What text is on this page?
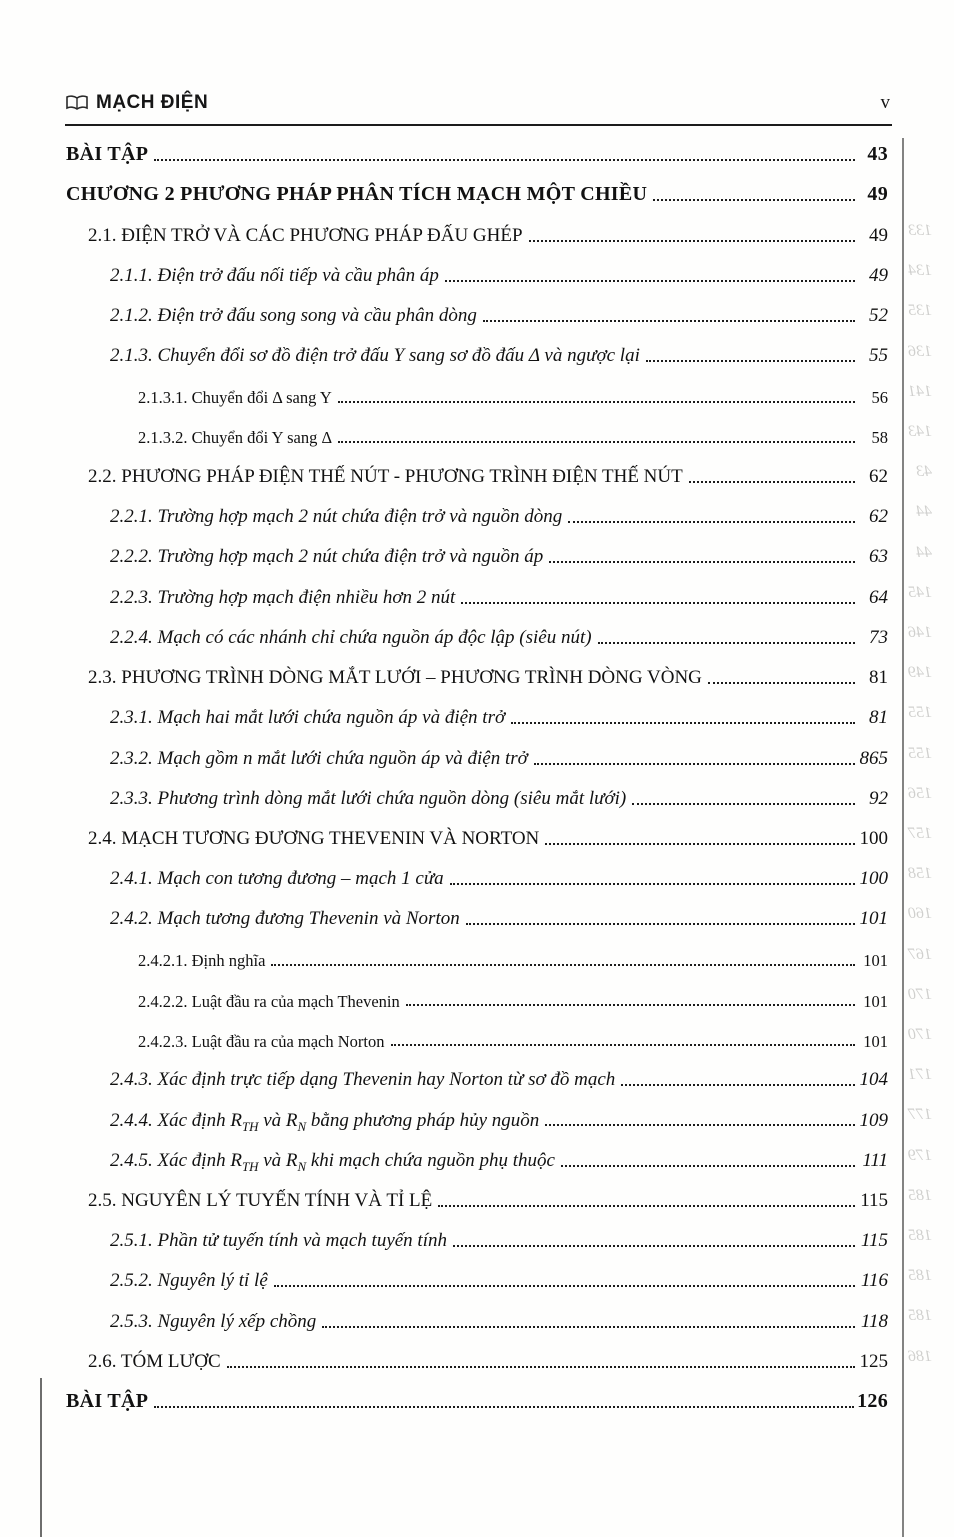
133
134
135
136
141
143
43
44
44
145
146
149
155
155
156
157
158
160
167
170
170
171
177
179
185
185
185
185
186
MẠCH ĐIỆN	v
BÀI TẬP	43
CHƯƠNG 2 PHƯƠNG PHÁP PHÂN TÍCH MẠCH MỘT CHIỀU	49
2.1. ĐIỆN TRỞ VÀ CÁC PHƯƠNG PHÁP ĐẤU GHÉP	49
2.1.1. Điện trở đấu nối tiếp và cầu phân áp	49
2.1.2. Điện trở đấu song song và cầu phân dòng	52
2.1.3. Chuyển đổi sơ đồ điện trở đấu Y sang sơ đồ đấu Δ và ngược lại	55
2.1.3.1. Chuyển đổi Δ sang Y	56
2.1.3.2. Chuyển đổi Y sang Δ	58
2.2. PHƯƠNG PHÁP ĐIỆN THẾ NÚT - PHƯƠNG TRÌNH ĐIỆN THẾ NÚT	62
2.2.1. Trường hợp mạch 2 nút chứa điện trở và nguồn dòng	62
2.2.2. Trường hợp mạch 2 nút chứa điện trở và nguồn áp	63
2.2.3. Trường hợp mạch điện nhiều hơn 2 nút	64
2.2.4. Mạch có các nhánh chỉ chứa nguồn áp độc lập (siêu nút)	73
2.3. PHƯƠNG TRÌNH DÒNG MẮT LƯỚI – PHƯƠNG TRÌNH DÒNG VÒNG	81
2.3.1. Mạch hai mắt lưới chứa nguồn áp và điện trở	81
2.3.2. Mạch gồm n mắt lưới chứa nguồn áp và điện trở	865
2.3.3. Phương trình dòng mắt lưới chứa nguồn dòng (siêu mắt lưới)	92
2.4. MẠCH TƯƠNG ĐƯƠNG THEVENIN VÀ NORTON	100
2.4.1. Mạch con tương đương – mạch 1 cửa	100
2.4.2. Mạch tương đương Thevenin và Norton	101
2.4.2.1. Định nghĩa	101
2.4.2.2. Luật đầu ra của mạch Thevenin	101
2.4.2.3. Luật đầu ra của mạch Norton	101
2.4.3. Xác định trực tiếp dạng Thevenin hay Norton từ sơ đồ mạch	104
2.4.4. Xác định $R_{TH}$ và $R_N$ bằng phương pháp hủy nguồn	109
2.4.5. Xác định $R_{TH}$ và $R_N$ khi mạch chứa nguồn phụ thuộc	111
2.5. NGUYÊN LÝ TUYẾN TÍNH VÀ TỈ LỆ	115
2.5.1. Phần tử tuyến tính và mạch tuyến tính	115
2.5.2. Nguyên lý tỉ lệ	116
2.5.3. Nguyên lý xếp chồng	118
2.6. TÓM LƯỢC	125
BÀI TẬP	126
